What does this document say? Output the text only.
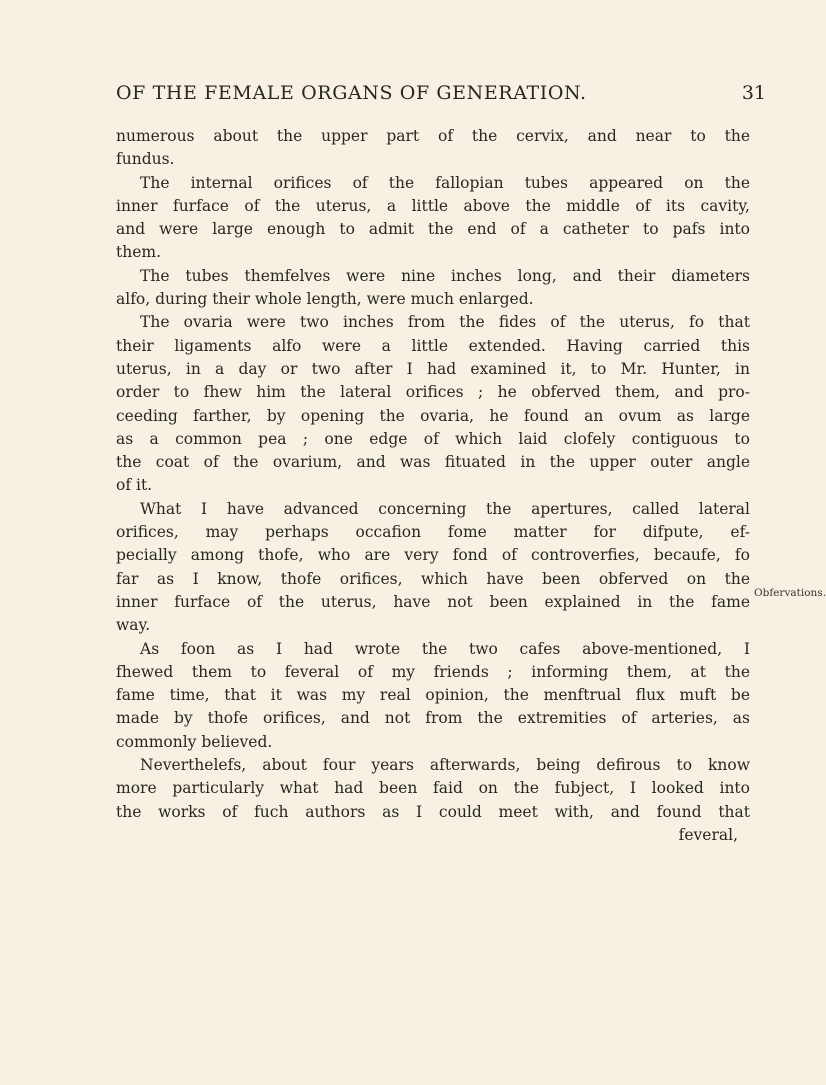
OF THE FEMALE ORGANS OF GENERATION.	31
numerous about the upper part of the cervix, and near to the
fundus.
The internal orifices of the fallopian tubes appeared on the
inner furface of the uterus, a little above the middle of its cavity,
and were large enough to admit the end of a catheter to pafs into
them.
The tubes themfelves were nine inches long, and their diameters
alfo, during their whole length, were much enlarged.
The ovaria were two inches from the fides of the uterus, fo that
their ligaments alfo were a little extended. Having carried this
uterus, in a day or two after I had examined it, to Mr. Hunter, in
order to fhew him the lateral orifices ; he obferved them, and pro-
ceeding farther, by opening the ovaria, he found an ovum as large
as a common pea ; one edge of which laid clofely contiguous to
the coat of the ovarium, and was fituated in the upper outer angle
of it.
What I have advanced concerning the apertures, called lateral
orifices, may perhaps occafion fome matter for difpute, ef-
pecially among thofe, who are very fond of controverfies, becaufe, fo
far as I know, thofe orifices, which have been obferved on the
inner furface of the uterus, have not been explained in the fame
way.
As foon as I had wrote the two cafes above-mentioned, I
fhewed them to feveral of my friends ; informing them, at the
fame time, that it was my real opinion, the menftrual flux muft be
made by thofe orifices, and not from the extremities of arteries, as
commonly believed.
Neverthelefs, about four years afterwards, being defirous to know
more particularly what had been faid on the fubject, I looked into
the works of fuch authors as I could meet with, and found that
feveral,
Obfervations.
